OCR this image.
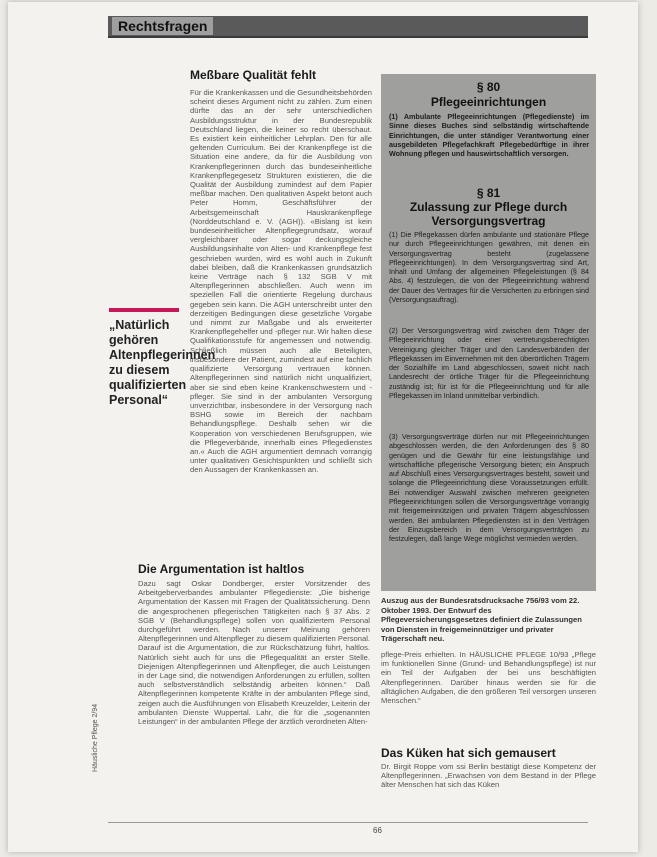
Rechtsfragen
Meßbare Qualität fehlt

Für die Krankenkassen und die Gesundheitsbehörden scheint dieses Argument nicht zu zählen. Zum einen dürfte das an der sehr unterschiedlichen Ausbildungsstruktur in der Bundesrepublik Deutschland liegen, die keiner so recht überschaut. Es existiert kein einheitlicher Lehrplan. Den für alle geltenden Curriculum. Bei der Krankenpflege ist die Situation eine andere, da für die Ausbildung von Krankenpflegerinnen durch das bundeseinheitliche Krankenpflegegesetz Strukturen existieren, die die Qualität der Ausbildung zumindest auf dem Papier meßbar machen. Den qualitativen Aspekt betont auch Peter Homm, Geschäftsführer der Arbeitsgemeinschaft Hauskrankenpflege (Norddeutschland e. V. (AGH)). «Bislang ist kein bundeseinheitlicher Altenpflegegrundsatz, worauf vergleichbarer oder sogar deckungsgleiche Ausbildungsinhalte von Alten- und Krankenpflege fest geschrieben wurden, wird es wohl auch in Zukunft dabei bleiben, daß die Krankenkassen grundsätzlich keine Verträge nach § 132 SGB V mit Altenpflegerinnen abschließen. Auch wenn im speziellen Fall die orientierte Regelung durchaus gegeben sein kann. Die AGH unterschreibt unter den derzeitigen Bedingungen diese gesetzliche Vorgabe und nimmt zur Maßgabe und als erweiterter Krankenpflegehelfer und -pfleger nur. Wir halten diese Qualifikationsstufe für angemessen und notwendig. Schließlich müssen auch alle Beteiligten, insbesondere der Patient, zumindest auf eine fachlich qualifizierte Versorgung vertrauen können. Altenpflegerinnen sind natürlich nicht unqualifiziert, aber sie sind eben keine Krankenschwestern und -pfleger. Sie sind in der ambulanten Versorgung unverzichtbar, insbesondere in der Versorgung nach BSHG sowie im Bereich der nachbarn Behandlungspflege. Deshalb sehen wir die Kooperation von verschiedenen Berufsgruppen, wie die Pflegeverbände, innerhalb eines Pflegedienstes an.« Auch die AGH argumentiert demnach vorrangig unter qualitativen Gesichtspunkten und schließt sich den Aussagen der Krankenkassen an.

„Natürlich gehören Altenpflegerinnen zu diesem qualifizierten Personal“

Die Argumentation ist haltlos

Dazu sagt Oskar Dondberger, erster Vorsitzender des Arbeitgeberverbandes ambulanter Pflegedienste: „Die bisherige Argumentation der Kassen mit Fragen der Qualitätssicherung. Denn die angesprochenen pflegerischen Tätigkeiten nach § 37 Abs. 2 SGB V (Behandlungspflege) sollen von qualifiziertem Personal durchgeführt werden. Nach unserer Meinung gehören Altenpflegerinnen und Altenpfleger zu diesem qualifizierten Personal. Darauf ist die Argumentation, die zur Rückschätzung führt, haltlos. Natürlich sieht auch für uns die Pflegequalität an erster Stelle. Diejenigen Altenpflegerinnen und Altenpfleger, die auch Leistungen in der Lage sind, die notwendigen Anforderungen zu erfüllen, sollten auch selbstverständlich selbständig arbeiten können.“ Daß Altenpflegerinnen kompetente Kräfte in der ambulanten Pflege sind, zeigen auch die Ausführungen von Elisabeth Kreuzelder, Leiterin der ambulanten Dienste Wuppertal. Lahr, die für die „sogenannten Leistungen“ in der ambulanten Pflege der ärztlich verordneten Alten-

§ 80
Pflegeeinrichtungen

(1) Ambulante Pflegeeinrichtungen (Pflegedienste) im Sinne dieses Buches sind selbständig wirtschaftende Einrichtungen, die unter ständiger Verantwortung einer ausgebildeten Pflegefachkraft Pflegebedürftige in ihrer Wohnung pflegen und hauswirtschaftlich versorgen.

§ 81
Zulassung zur Pflege durch Versorgungsvertrag

(1) Die Pflegekassen dürfen ambulante und stationäre Pflege nur durch Pflegeeinrichtungen gewähren, mit denen ein Versorgungsvertrag besteht (zugelassene Pflegeeinrichtungen). In dem Versorgungsvertrag sind Art, Inhalt und Umfang der allgemeinen Pflegeleistungen (§ 84 Abs. 4) festzulegen, die von der Pflegeeinrichtung während der Dauer des Vertrages für die Versicherten zu erbringen sind (Versorgungsauftrag).

(2) Der Versorgungsvertrag wird zwischen dem Träger der Pflegeeinrichtung oder einer vertretungsberechtigten Vereinigung gleicher Träger und den Landesverbänden der Pflegekassen im Einvernehmen mit den überörtlichen Trägern der Sozialhilfe im Land abgeschlossen, soweit nicht nach Landesrecht der örtliche Träger für die Pflegeeinrichtung zuständig ist; für ist für die Pflegeeinrichtung und für alle Pflegekassen im Inland unmittelbar verbindlich.

(3) Versorgungsverträge dürfen nur mit Pflegeeinrichtungen abgeschlossen werden, die den Anforderungen des § 80 genügen und die Gewähr für eine leistungsfähige und wirtschaftliche pflegerische Versorgung bieten; ein Anspruch auf Abschluß eines Versorgungsvertrages besteht, soweit und solange die Pflegeeinrichtung diese Voraussetzungen erfüllt. Bei notwendiger Auswahl zwischen mehreren geeigneten Pflegeeinrichtungen sollen die Versorgungsverträge vorrangig mit freigemeinnützigen und privaten Trägern abgeschlossen werden. Bei ambulanten Pflegediensten ist in den Verträgen der Einzugsbereich in dem Versorgungsverträgen zu festzulegen, daß lange Wege möglichst vermieden werden.

Auszug aus der Bundesratsdrucksache 756/93 vom 22. Oktober 1993. Der Entwurf des Pflegeversicherungsgesetzes definiert die Zulassungen von Diensten in freigemeinnütziger und privater Trägerschaft neu.

pflege-Preis erhielten. In HÄUSLICHE PFLEGE 10/93 „Pflege im funktionellen Sinne (Grund- und Behandlungspflege) ist nur ein Teil der Aufgaben der bei uns beschäftigten Altenpflegerinnen. Darüber hinaus werden sie für die alltäglichen Aufgaben, die den größeren Teil versorgen unseren Menschen.“

Das Küken hat sich gemausert

Dr. Birgit Roppe vom ssi Berlin bestätigt diese Kompetenz der Altenpflegerinnen. „Erwachsen von dem Bestand in der Pflege älter Menschen hat sich das Küken

Häusliche Pflege 2/94
66
